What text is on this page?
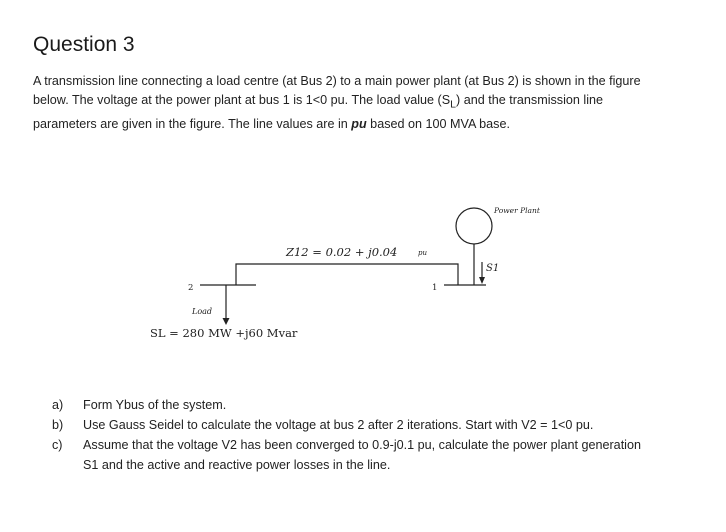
Question 3
A transmission line connecting a load centre (at Bus 2) to a main power plant (at Bus 2) is shown in the figure below. The voltage at the power plant at bus 1 is 1<0 pu. The load value $(S_L)$ and the transmission line parameters are given in the figure. The line values are in pu based on 100 MVA base.
Power Plant
Z12 = 0.02 + j0.04	pu
S1
1
2
Load
SL = 280 MW +j60 Mvar
a)	Form Ybus of the system.
b)	Use Gauss Seidel to calculate the voltage at bus 2 after 2 iterations. Start with V2 = 1<0 pu.
c)	Assume that the voltage V2 has been converged to 0.9-j0.1 pu, calculate the power plant generation S1 and the active and reactive power losses in the line.
